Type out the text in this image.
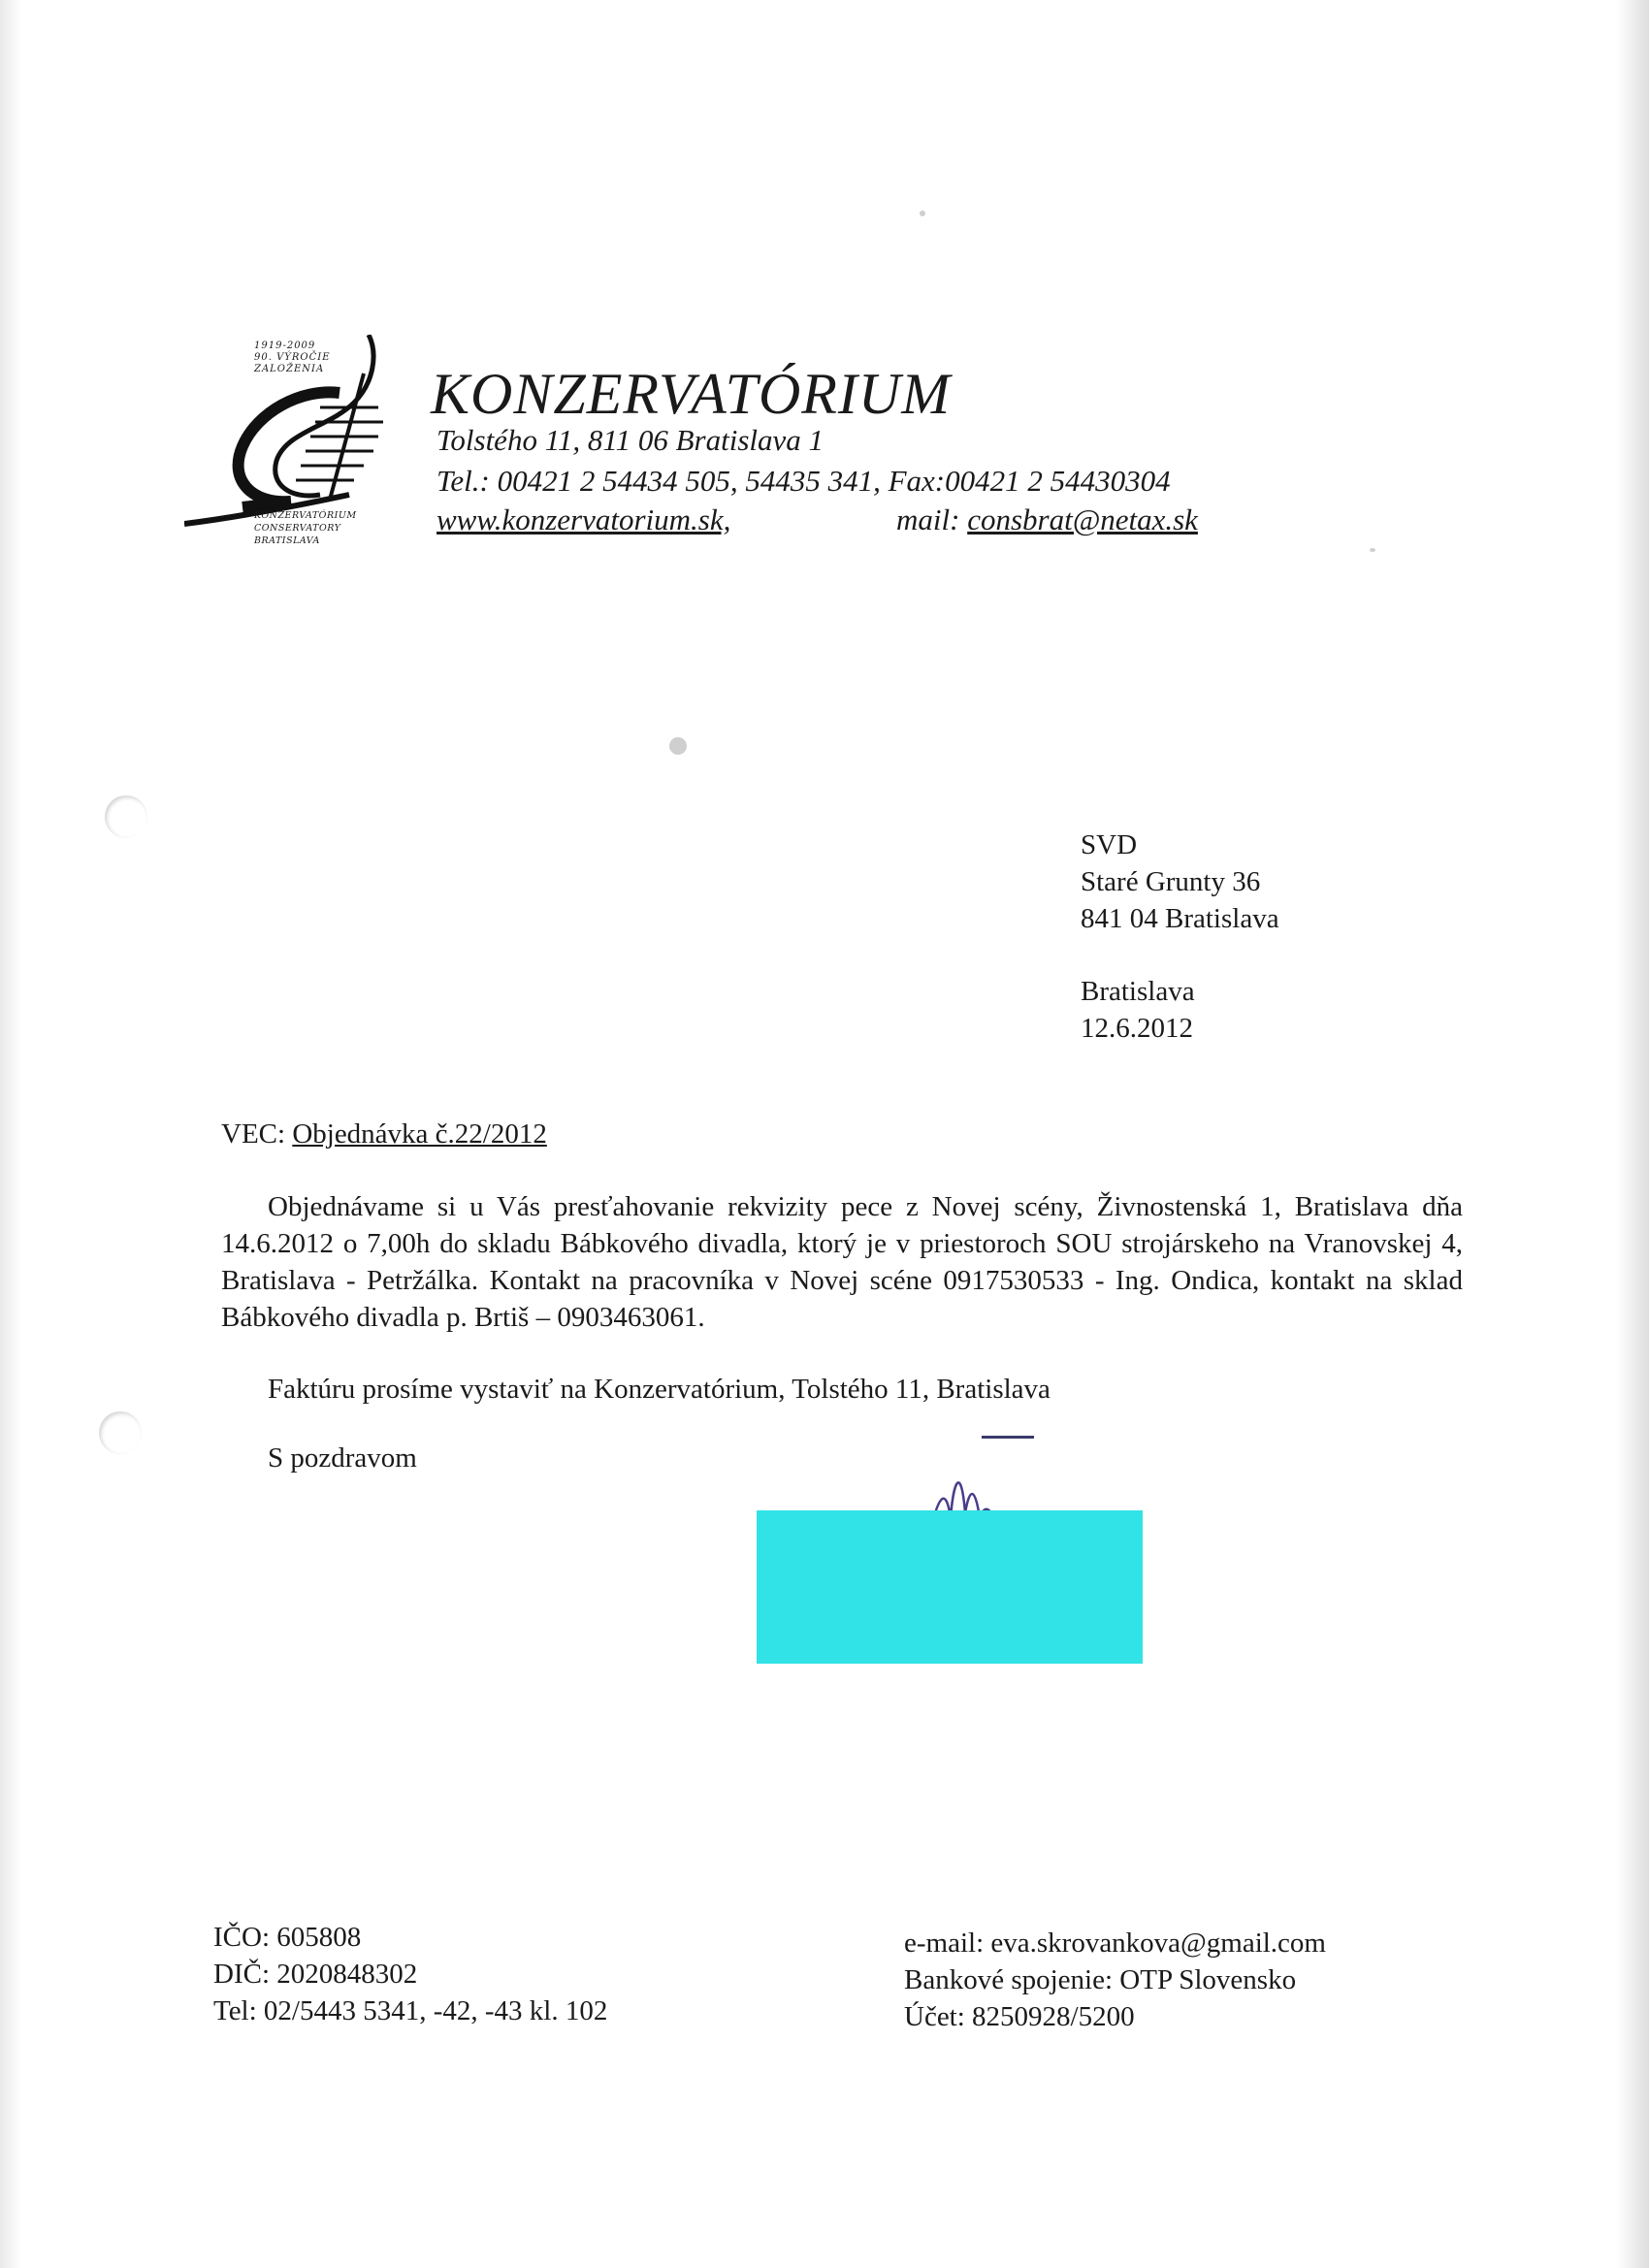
1919-2009
90. VÝROČIE
ZALOŽENIA
KONZERVATÓRIUM
CONSERVATORY
BRATISLAVA
KONZERVATÓRIUM
Tolstého 11, 811 06 Bratislava 1
Tel.: 00421 2 54434 505, 54435 341, Fax:00421 2 54430304
www.konzervatorium.sk,	mail: consbrat@netax.sk
SVD
Staré Grunty 36
841 04 Bratislava
Bratislava
12.6.2012
VEC: Objednávka č.22/2012
Objednávame si u Vás presťahovanie rekvizity pece z Novej scény, Živnostenská 1, Bratislava dňa 14.6.2012 o 7,00h do skladu Bábkového divadla, ktorý je v priestoroch SOU strojárskeho na Vranovskej 4, Bratislava - Petržálka. Kontakt na pracovníka v Novej scéne 0917530533 - Ing. Ondica, kontakt na sklad Bábkového divadla p. Brtiš – 0903463061.
Faktúru prosíme vystaviť na Konzervatórium, Tolstého 11, Bratislava
S pozdravom
IČO: 605808
DIČ: 2020848302
Tel: 02/5443 5341, -42, -43 kl. 102
e-mail: eva.skrovankova@gmail.com
Bankové spojenie: OTP Slovensko
Účet: 8250928/5200
